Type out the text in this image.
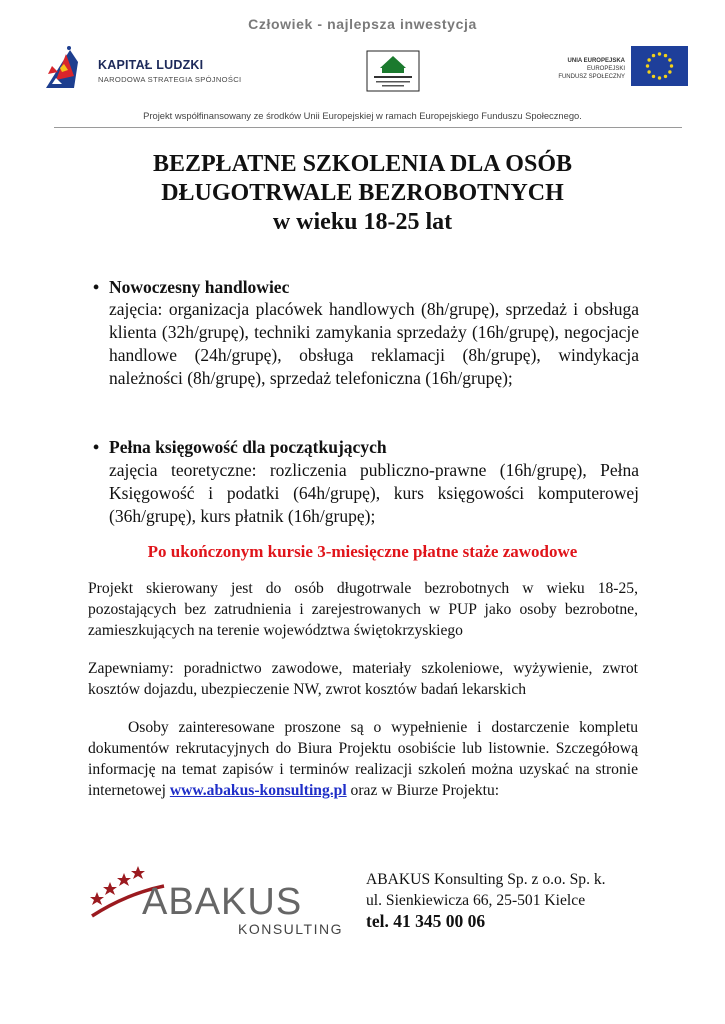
Człowiek - najlepsza inwestycja
KAPITAŁ LUDZKI
NARODOWA STRATEGIA SPÓJNOŚCI
UNIA EUROPEJSKA
EUROPEJSKI
FUNDUSZ SPOŁECZNY
Projekt współfinansowany ze środków Unii Europejskiej w ramach Europejskiego Funduszu Społecznego.
BEZPŁATNE SZKOLENIA DLA OSÓB
DŁUGOTRWALE BEZROBOTNYCH
w wieku 18-25 lat
• Nowoczesny handlowiec
zajęcia: organizacja placówek handlowych (8h/grupę), sprzedaż i obsługa klienta (32h/grupę), techniki zamykania sprzedaży (16h/grupę), negocjacje handlowe (24h/grupę), obsługa reklamacji (8h/grupę), windykacja należności (8h/grupę), sprzedaż telefoniczna (16h/grupę);
• Pełna księgowość dla początkujących
zajęcia teoretyczne: rozliczenia publiczno-prawne (16h/grupę), Pełna Księgowość i podatki (64h/grupę), kurs księgowości komputerowej (36h/grupę), kurs płatnik (16h/grupę);
Po ukończonym kursie 3-miesięczne płatne staże zawodowe
Projekt skierowany jest do osób długotrwale bezrobotnych w wieku 18-25, pozostających bez zatrudnienia i zarejestrowanych w PUP jako osoby bezrobotne, zamieszkujących na terenie województwa świętokrzyskiego
Zapewniamy: poradnictwo zawodowe, materiały szkoleniowe, wyżywienie, zwrot kosztów dojazdu, ubezpieczenie NW, zwrot kosztów badań lekarskich
Osoby zainteresowane proszone są o wypełnienie i dostarczenie kompletu dokumentów rekrutacyjnych do Biura Projektu osobiście lub listownie. Szczegółową informację na temat zapisów i terminów realizacji szkoleń można uzyskać na stronie internetowej www.abakus-konsulting.pl oraz w Biurze Projektu:
ABAKUS
KONSULTING
ABAKUS Konsulting Sp. z o.o. Sp. k.
ul. Sienkiewicza 66, 25-501 Kielce
tel. 41 345 00 06
